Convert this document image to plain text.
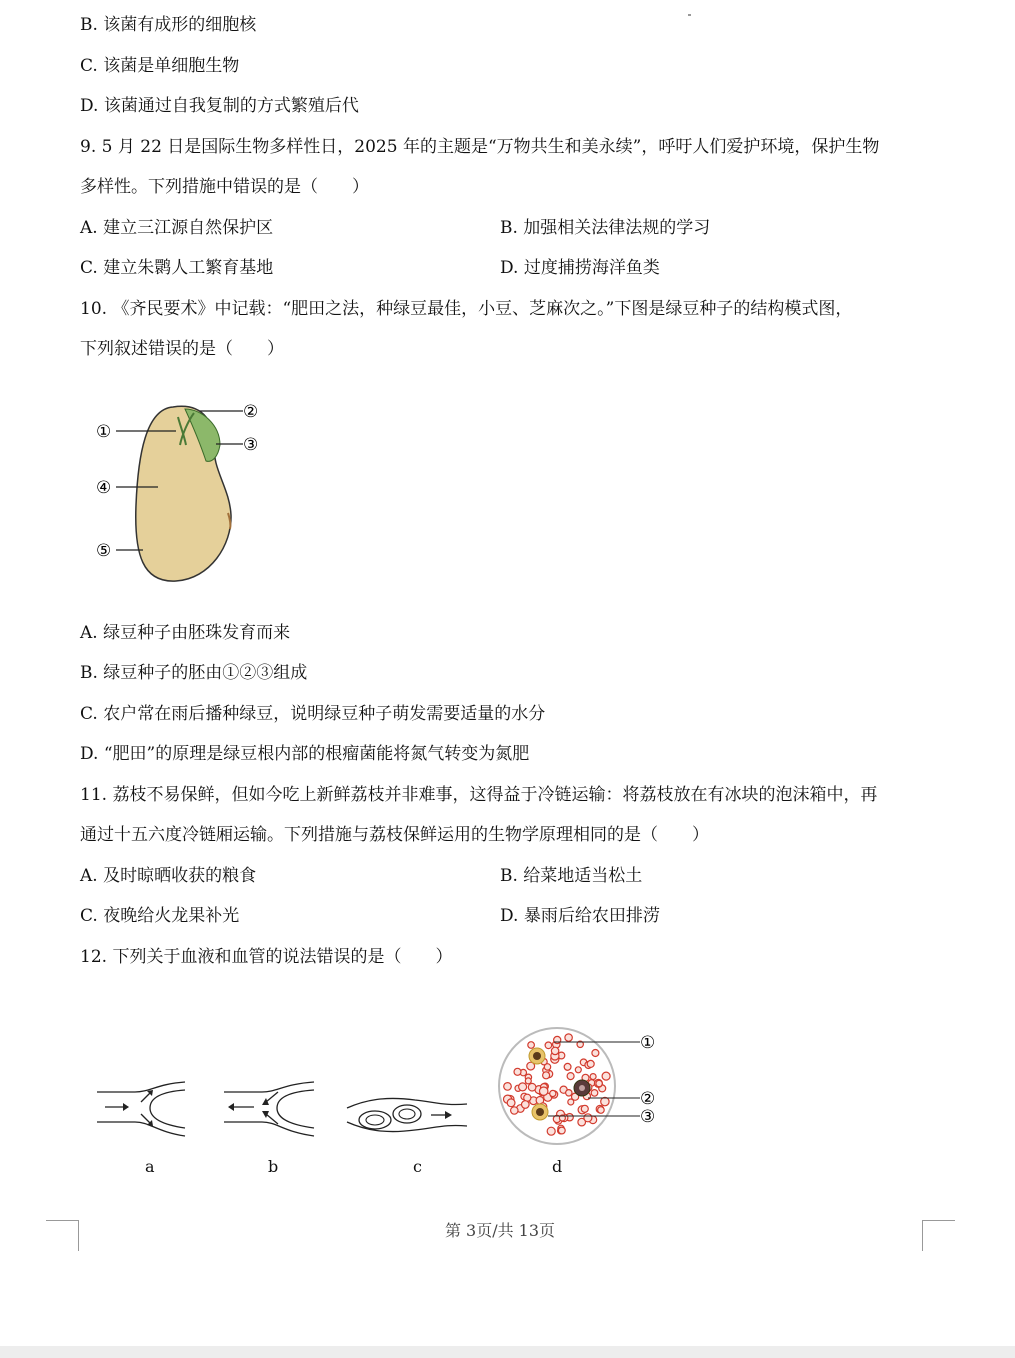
B. 该菌有成形的细胞核
C. 该菌是单细胞生物
D. 该菌通过自我复制的方式繁殖后代
9. 5 月 22 日是国际生物多样性日，2025 年的主题是“万物共生和美永续”，呼吁人们爱护环境，保护生物
多样性。下列措施中错误的是（　　）
A. 建立三江源自然保护区	B. 加强相关法律法规的学习
C. 建立朱鹮人工繁育基地	D. 过度捕捞海洋鱼类
10. 《齐民要术》中记载：“肥田之法，种绿豆最佳，小豆、芝麻次之。”下图是绿豆种子的结构模式图，
下列叙述错误的是（　　）
①
②
③
④
⑤
A. 绿豆种子由胚珠发育而来
B. 绿豆种子的胚由①②③组成
C. 农户常在雨后播种绿豆，说明绿豆种子萌发需要适量的水分
D. “肥田”的原理是绿豆根内部的根瘤菌能将氮气转变为氮肥
11. 荔枝不易保鲜，但如今吃上新鲜荔枝并非难事，这得益于冷链运输：将荔枝放在有冰块的泡沫箱中，再
通过十五六度冷链厢运输。下列措施与荔枝保鲜运用的生物学原理相同的是（　　）
A. 及时晾晒收获的粮食	B. 给菜地适当松土
C. 夜晚给火龙果补光	D. 暴雨后给农田排涝
12. 下列关于血液和血管的说法错误的是（　　）
①
②
③
a	b	c	d
第 3页/共 13页
